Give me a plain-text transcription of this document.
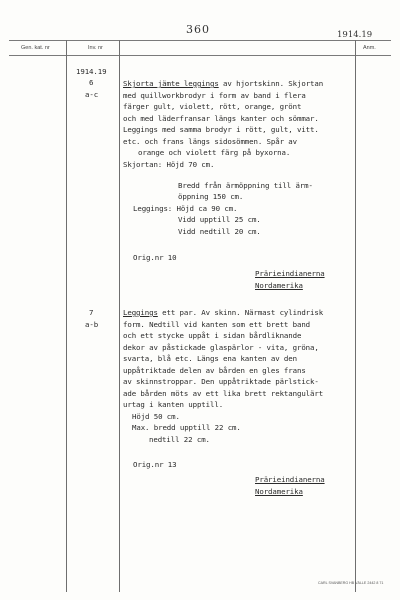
360	1914.19
Gen. kat. nr	Inv. nr	Anm.
1914.19
6
a-c
Skjorta jämte leggings av hjortskinn. Skjortan
med quillworkbrodyr i form av band i flera
färger gult, violett, rött, orange, grönt
och med läderfransar längs kanter och sömmar.
Leggings med samma brodyr i rött, gult, vitt.
etc. och frans längs sidosömmen. Spår av
orange och violett färg på byxorna.
Skjortan: Höjd 70 cm.
Bredd från ärmöppning till ärm-
öppning 150 cm.
Leggings: Höjd ca 90 cm.
Vidd upptill 25 cm.
Vidd nedtill 20 cm.
Orig.nr 10
Prärieindianerna
Nordamerika
7
a-b
Leggings ett par. Av skinn. Närmast cylindrisk
form. Nedtill vid kanten som ett brett band
och ett stycke uppåt i sidan bårdliknande
dekor av påstickade glaspärlor - vita, gröna,
svarta, blå etc. Längs ena kanten av den
uppåtriktade delen av bården en gles frans
av skinnstroppar. Den uppåtriktade pärlstick-
ade bården möts av ett lika brett rektangulärt
urtag i kanten upptill.
Höjd 50 cm.
Max. bredd upptill 22 cm.
nedtill 22 cm.
Orig.nr 13
Prärieindianerna
Nordamerika
CARL SVANBERG HB VÄLLE 2442 8 71
